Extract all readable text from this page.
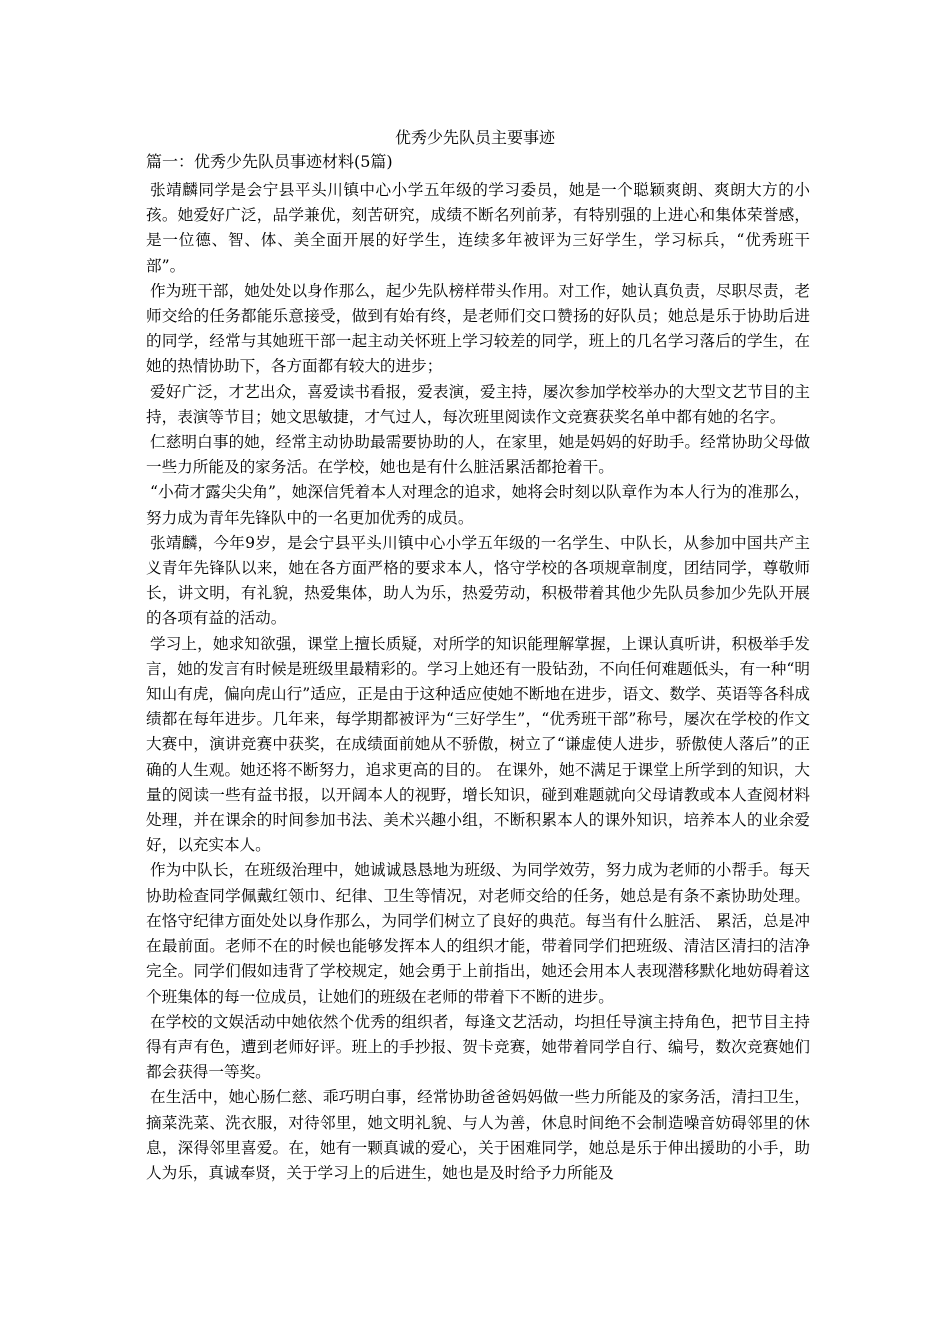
优秀少先队员主要事迹
篇一：优秀少先队员事迹材料(5篇)

张靖麟同学是会宁县平头川镇中心小学五年级的学习委员，她是一个聪颖爽朗、爽朗大方的小孩。她爱好广泛，品学兼优，刻苦研究，成绩不断名列前茅，有特别强的上进心和集体荣誉感，是一位德、智、体、美全面开展的好学生，连续多年被评为三好学生，学习标兵，“优秀班干部”。

作为班干部，她处处以身作那么，起少先队榜样带头作用。对工作，她认真负责，尽职尽责，老师交给的任务都能乐意接受，做到有始有终，是老师们交口赞扬的好队员；她总是乐于协助后进的同学，经常与其她班干部一起主动关怀班上学习较差的同学，班上的几名学习落后的学生，在她的热情协助下，各方面都有较大的进步；

爱好广泛，才艺出众，喜爱读书看报，爱表演，爱主持，屡次参加学校举办的大型文艺节目的主持，表演等节目；她文思敏捷，才气过人，每次班里阅读作文竞赛获奖名单中都有她的名字。

仁慈明白事的她，经常主动协助最需要协助的人，在家里，她是妈妈的好助手。经常协助父母做一些力所能及的家务活。在学校，她也是有什么脏活累活都抢着干。

“小荷才露尖尖角”，她深信凭着本人对理念的追求，她将会时刻以队章作为本人行为的准那么，努力成为青年先锋队中的一名更加优秀的成员。

张靖麟，今年9岁，是会宁县平头川镇中心小学五年级的一名学生、中队长，从参加中国共产主义青年先锋队以来，她在各方面严格的要求本人，恪守学校的各项规章制度，团结同学，尊敬师长，讲文明，有礼貌，热爱集体，助人为乐，热爱劳动，积极带着其他少先队员参加少先队开展的各项有益的活动。

学习上，她求知欲强，课堂上擅长质疑，对所学的知识能理解掌握，上课认真听讲，积极举手发言，她的发言有时候是班级里最精彩的。学习上她还有一股钻劲，不向任何难题低头，有一种“明知山有虎，偏向虎山行”适应，正是由于这种适应使她不断地在进步，语文、数学、英语等各科成绩都在每年进步。几年来，每学期都被评为“三好学生”，“优秀班干部”称号，屡次在学校的作文大赛中，演讲竞赛中获奖，在成绩面前她从不骄傲，树立了“谦虚使人进步，骄傲使人落后”的正确的人生观。她还将不断努力，追求更高的目的。 在课外，她不满足于课堂上所学到的知识，大量的阅读一些有益书报，以开阔本人的视野，增长知识，碰到难题就向父母请教或本人查阅材料处理，并在课余的时间参加书法、美术兴趣小组，不断积累本人的课外知识，培养本人的业余爱好，以充实本人。

作为中队长，在班级治理中，她诚诚恳恳地为班级、为同学效劳，努力成为老师的小帮手。每天协助检查同学佩戴红领巾、纪律、卫生等情况，对老师交给的任务，她总是有条不紊协助处理。在恪守纪律方面处处以身作那么，为同学们树立了良好的典范。每当有什么脏活、 累活，总是冲在最前面。老师不在的时候也能够发挥本人的组织才能，带着同学们把班级、清洁区清扫的洁净完全。同学们假如违背了学校规定，她会勇于上前指出，她还会用本人表现潜移默化地妨碍着这个班集体的每一位成员，让她们的班级在老师的带着下不断的进步。

在学校的文娱活动中她依然个优秀的组织者，每逢文艺活动，均担任导演主持角色，把节目主持得有声有色，遭到老师好评。班上的手抄报、贺卡竞赛，她带着同学自行、编号，数次竞赛她们都会获得一等奖。

在生活中，她心肠仁慈、乖巧明白事，经常协助爸爸妈妈做一些力所能及的家务活，清扫卫生，摘菜洗菜、洗衣服，对待邻里，她文明礼貌、与人为善，休息时间绝不会制造噪音妨碍邻里的休息，深得邻里喜爱。在，她有一颗真诚的爱心，关于困难同学，她总是乐于伸出援助的小手，助人为乐，真诚奉贤，关于学习上的后进生，她也是及时给予力所能及
